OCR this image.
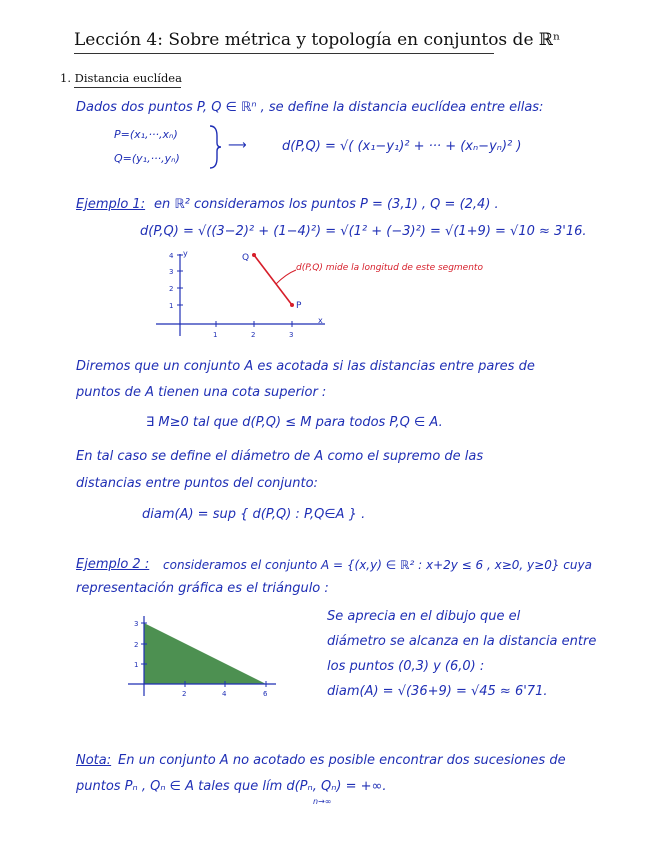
Lección 4: Sobre métrica y topología en conjuntos de ℝⁿ
1. Distancia euclídea
Dados dos puntos P, Q ∈ ℝⁿ , se define la distancia euclídea entre ellas:
P=(x₁,···,xₙ)
Q=(y₁,···,yₙ)
⟶	d(P,Q) = √( (x₁−y₁)² + ··· + (xₙ−yₙ)² )
Ejemplo 1: en ℝ² consideramos los puntos P = (3,1) , Q = (2,4) .
d(P,Q) = √((3−2)² + (1−4)²) = √(1² + (−3)²) = √(1+9) = √10 ≈ 3'16.
1	2	3
1
2
3
4
x
y	Q
P
d(P,Q) mide la longitud de este segmento
Diremos que un conjunto A es acotada si las distancias entre pares de
puntos de A tienen una cota superior :
∃ M≥0 tal que d(P,Q) ≤ M para todos P,Q ∈ A.
En tal caso se define el diámetro de A como el supremo de las
distancias entre puntos del conjunto:
diam(A) = sup { d(P,Q) : P,Q∈A } .
Ejemplo 2 : consideramos el conjunto A = {(x,y) ∈ ℝ² : x+2y ≤ 6 , x≥0, y≥0} cuya
representación gráfica es el triángulo :
2	4	6
1
2
3	Se aprecia en el dibujo que el
diámetro se alcanza en la distancia entre
los puntos (0,3) y (6,0) :
diam(A) = √(36+9) = √45 ≈ 6'71.
Nota: En un conjunto A no acotado es posible encontrar dos sucesiones de
puntos Pₙ , Qₙ ∈ A tales que lím d(Pₙ, Qₙ) = +∞.
n→∞
